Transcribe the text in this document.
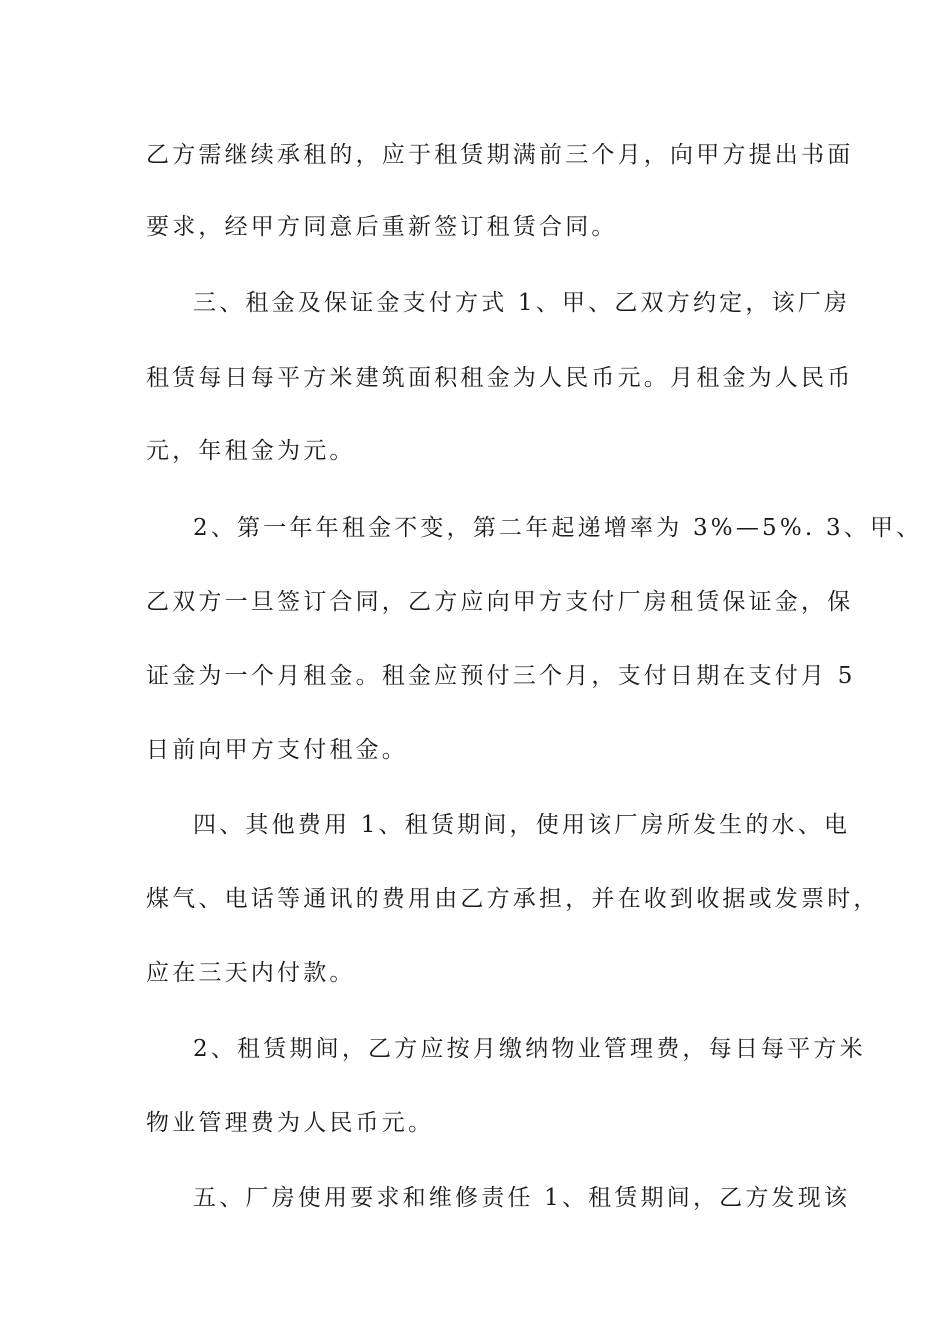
乙方需继续承租的，应于租赁期满前三个月，向甲方提出书面
要求，经甲方同意后重新签订租赁合同。
三、租金及保证金支付方式 1、甲、乙双方约定，该厂房
租赁每日每平方米建筑面积租金为人民币元。月租金为人民币
元，年租金为元。
2、第一年年租金不变，第二年起递增率为 3%—5%. 3、甲、
乙双方一旦签订合同，乙方应向甲方支付厂房租赁保证金，保
证金为一个月租金。租金应预付三个月，支付日期在支付月 5
日前向甲方支付租金。
四、其他费用 1、租赁期间，使用该厂房所发生的水、电
煤气、电话等通讯的费用由乙方承担，并在收到收据或发票时，
应在三天内付款。
2、租赁期间，乙方应按月缴纳物业管理费，每日每平方米
物业管理费为人民币元。
五、厂房使用要求和维修责任 1、租赁期间，乙方发现该
